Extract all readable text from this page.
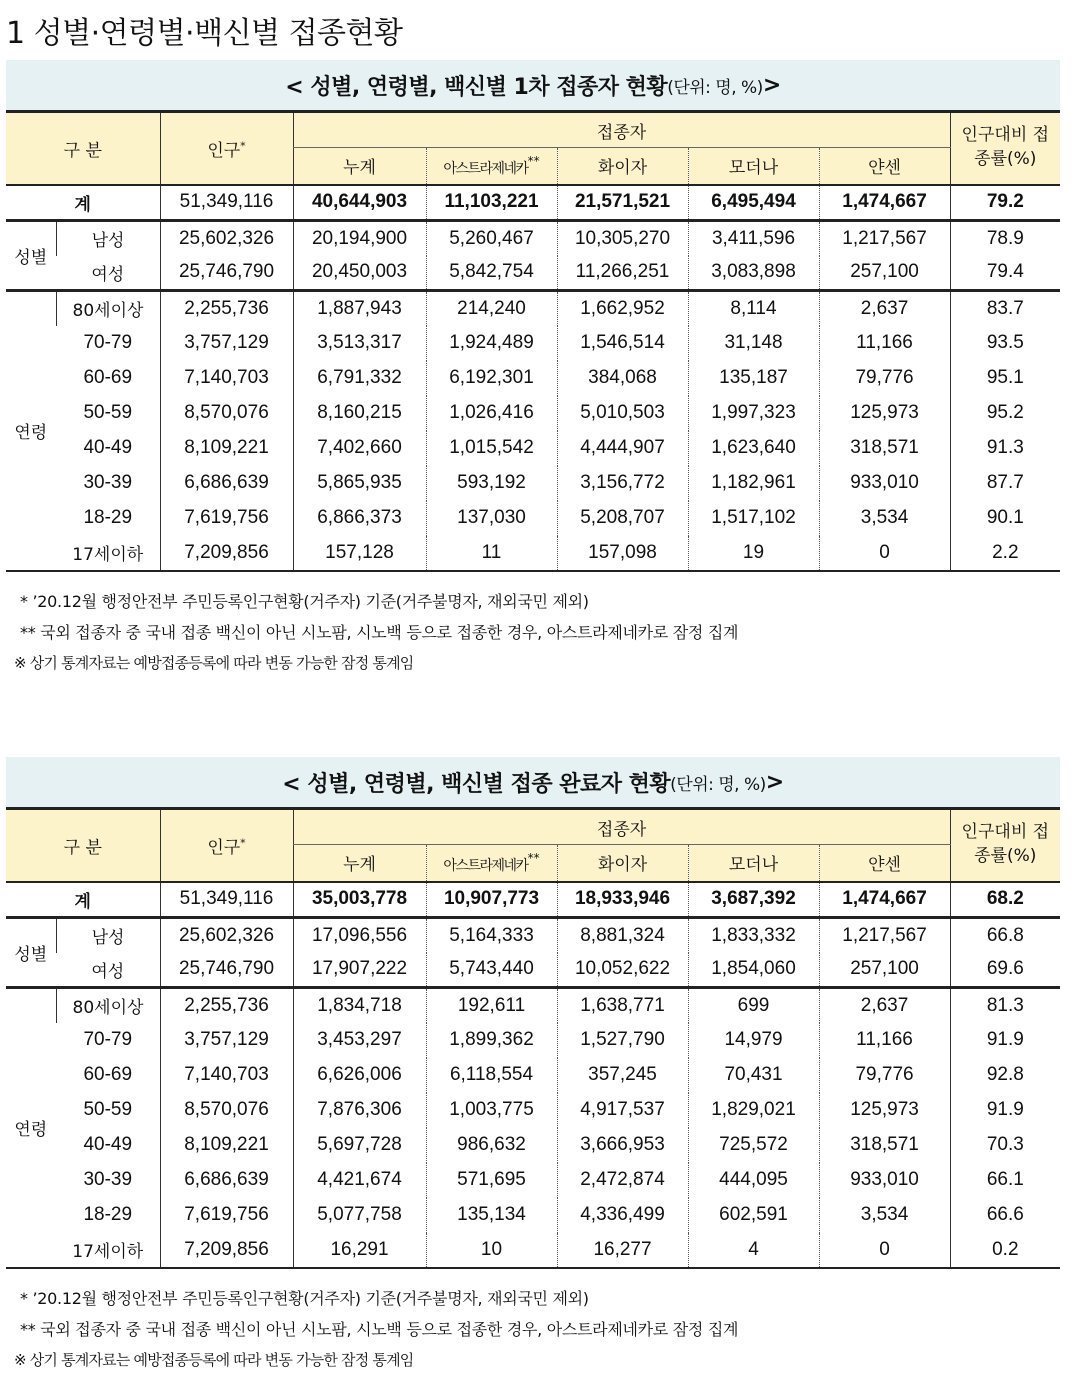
1 성별·연령별·백신별 접종현황
< 성별, 연령별, 백신별 1차 접종자 현황 (단위: 명, %) >
구 분		인구*	접종자					인구대비 접종률(%)
			누계	아스트라제네카**	화이자	모더나	얀센	
계		51,349,116	40,644,903	11,103,221	21,571,521	6,495,494	1,474,667	79.2
성별	남성	25,602,326	20,194,900	5,260,467	10,305,270	3,411,596	1,217,567	78.9
	여성	25,746,790	20,450,003	5,842,754	11,266,251	3,083,898	257,100	79.4
연령	80세이상	2,255,736	1,887,943	214,240	1,662,952	8,114	2,637	83.7
	70-79	3,757,129	3,513,317	1,924,489	1,546,514	31,148	11,166	93.5
	60-69	7,140,703	6,791,332	6,192,301	384,068	135,187	79,776	95.1
	50-59	8,570,076	8,160,215	1,026,416	5,010,503	1,997,323	125,973	95.2
	40-49	8,109,221	7,402,660	1,015,542	4,444,907	1,623,640	318,571	91.3
	30-39	6,686,639	5,865,935	593,192	3,156,772	1,182,961	933,010	87.7
	18-29	7,619,756	6,866,373	137,030	5,208,707	1,517,102	3,534	90.1
	17세이하	7,209,856	157,128	11	157,098	19	0	2.2
* ’20.12월 행정안전부 주민등록인구현황(거주자) 기준(거주불명자, 재외국민 제외)
** 국외 접종자 중 국내 접종 백신이 아닌 시노팜, 시노백 등으로 접종한 경우, 아스트라제네카로 잠정 집계
※ 상기 통계자료는 예방접종등록에 따라 변동 가능한 잠정 통계임
< 성별, 연령별, 백신별 접종 완료자 현황 (단위: 명, %) >
구 분		인구*	접종자					인구대비 접종률(%)
			누계	아스트라제네카**	화이자	모더나	얀센	
계		51,349,116	35,003,778	10,907,773	18,933,946	3,687,392	1,474,667	68.2
성별	남성	25,602,326	17,096,556	5,164,333	8,881,324	1,833,332	1,217,567	66.8
	여성	25,746,790	17,907,222	5,743,440	10,052,622	1,854,060	257,100	69.6
연령	80세이상	2,255,736	1,834,718	192,611	1,638,771	699	2,637	81.3
	70-79	3,757,129	3,453,297	1,899,362	1,527,790	14,979	11,166	91.9
	60-69	7,140,703	6,626,006	6,118,554	357,245	70,431	79,776	92.8
	50-59	8,570,076	7,876,306	1,003,775	4,917,537	1,829,021	125,973	91.9
	40-49	8,109,221	5,697,728	986,632	3,666,953	725,572	318,571	70.3
	30-39	6,686,639	4,421,674	571,695	2,472,874	444,095	933,010	66.1
	18-29	7,619,756	5,077,758	135,134	4,336,499	602,591	3,534	66.6
	17세이하	7,209,856	16,291	10	16,277	4	0	0.2
* ’20.12월 행정안전부 주민등록인구현황(거주자) 기준(거주불명자, 재외국민 제외)
** 국외 접종자 중 국내 접종 백신이 아닌 시노팜, 시노백 등으로 접종한 경우, 아스트라제네카로 잠정 집계
※ 상기 통계자료는 예방접종등록에 따라 변동 가능한 잠정 통계임
